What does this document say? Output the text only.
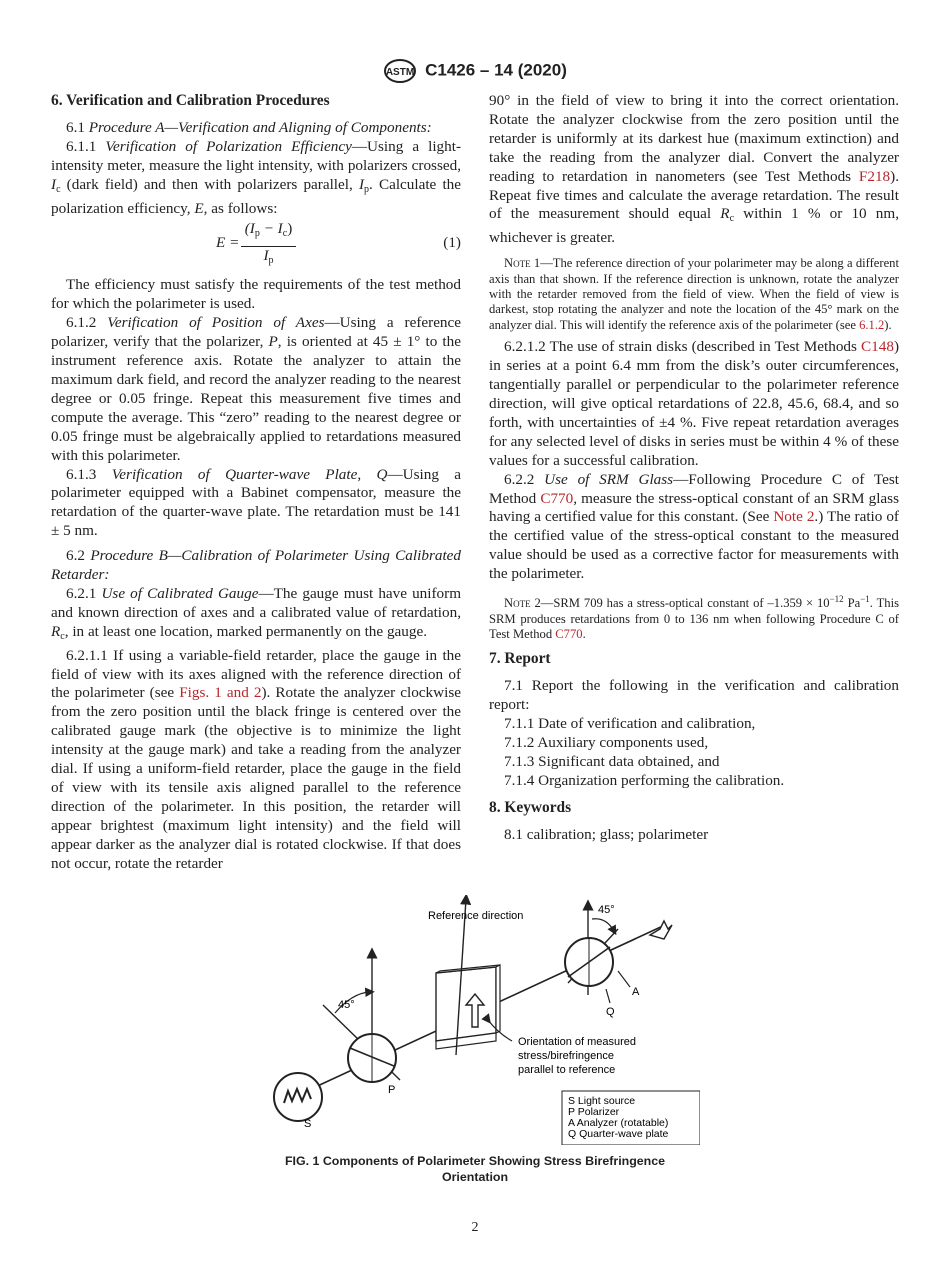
ASTM C1426 – 14 (2020)

6. Verification and Calibration Procedures

6.1 Procedure A—Verification and Aligning of Components:

6.1.1 Verification of Polarization Efficiency—Using a light-intensity meter, measure the light intensity, with polarizers crossed, $I_c$ (dark field) and then with polarizers parallel, $I_p$. Calculate the polarization efficiency, E, as follows:

$E = \frac{(I_p - I_c)}{I_p}$	(1)

The efficiency must satisfy the requirements of the test method for which the polarimeter is used.

6.1.2 Verification of Position of Axes—Using a reference polarizer, verify that the polarizer, P, is oriented at 45 ± 1° to the instrument reference axis. Rotate the analyzer to attain the maximum dark field, and record the analyzer reading to the nearest degree or 0.05 fringe. Repeat this measurement five times and compute the average. This “zero” reading to the nearest degree or 0.05 fringe must be algebraically applied to retardations measured with this polarimeter.

6.1.3 Verification of Quarter-wave Plate, Q—Using a polarimeter equipped with a Babinet compensator, measure the retardation of the quarter-wave plate. The retardation must be 141 ± 5 nm.

6.2 Procedure B—Calibration of Polarimeter Using Calibrated Retarder:

6.2.1 Use of Calibrated Gauge—The gauge must have uniform and known direction of axes and a calibrated value of retardation, $R_c$, in at least one location, marked permanently on the gauge.

6.2.1.1 If using a variable-field retarder, place the gauge in the field of view with its axes aligned with the reference direction of the polarimeter (see Figs. 1 and 2). Rotate the analyzer clockwise from the zero position until the black fringe is centered over the calibrated gauge mark (the objective is to minimize the light intensity at the gauge mark) and take a reading from the analyzer dial. If using a uniform-field retarder, place the gauge in the field of view with its tensile axis aligned parallel to the reference direction of the polarimeter. In this position, the retarder will appear brightest (maximum light intensity) and the field will appear darker as the analyzer dial is rotated clockwise. If that does not occur, rotate the retarder

90° in the field of view to bring it into the correct orientation. Rotate the analyzer clockwise from the zero position until the retarder is uniformly at its darkest hue (maximum extinction) and take the reading from the analyzer dial. Convert the analyzer reading to retardation in nanometers (see Test Methods F218). Repeat five times and calculate the average retardation. The result of the measurement should equal $R_c$ within 1 % or 10 nm, whichever is greater.

Note 1—The reference direction of your polarimeter may be along a different axis than that shown. If the reference direction is unknown, rotate the analyzer with the retarder removed from the field of view. When the field of view is darkest, stop rotating the analyzer and note the location of the 45° mark on the analyzer dial. This will identify the reference axis of the polarimeter (see 6.1.2).

6.2.1.2 The use of strain disks (described in Test Methods C148) in series at a point 6.4 mm from the disk’s outer circumferences, tangentially parallel or perpendicular to the polarimeter reference direction, will give optical retardations of 22.8, 45.6, 68.4, and so forth, with uncertainties of ±4 %. Five repeat retardation averages for any selected level of disks in series must be within 4 % of these values for a successful calibration.

6.2.2 Use of SRM Glass—Following Procedure C of Test Method C770, measure the stress-optical constant of an SRM glass having a certified value for this constant. (See Note 2.) The ratio of the certified value of the stress-optical constant to the measured value should be used as a corrective factor for measurements with the polarimeter.

Note 2—SRM 709 has a stress-optical constant of $-1.359 \times 10^{-12}$ $Pa^{-1}$. This SRM produces retardations from 0 to 136 nm when following Procedure C of Test Method C770.

7. Report

7.1 Report the following in the verification and calibration report:

7.1.1 Date of verification and calibration,

7.1.2 Auxiliary components used,

7.1.3 Significant data obtained, and

7.1.4 Organization performing the calibration.

8. Keywords

8.1 calibration; glass; polarimeter

S
45°
P
Reference direction
Orientation of measured
stress/birefringence
parallel to reference
45°
A
Q
S Light source
P Polarizer
A Analyzer (rotatable)
Q Quarter-wave plate
FIG. 1 Components of Polarimeter Showing Stress Birefringence
Orientation
2
